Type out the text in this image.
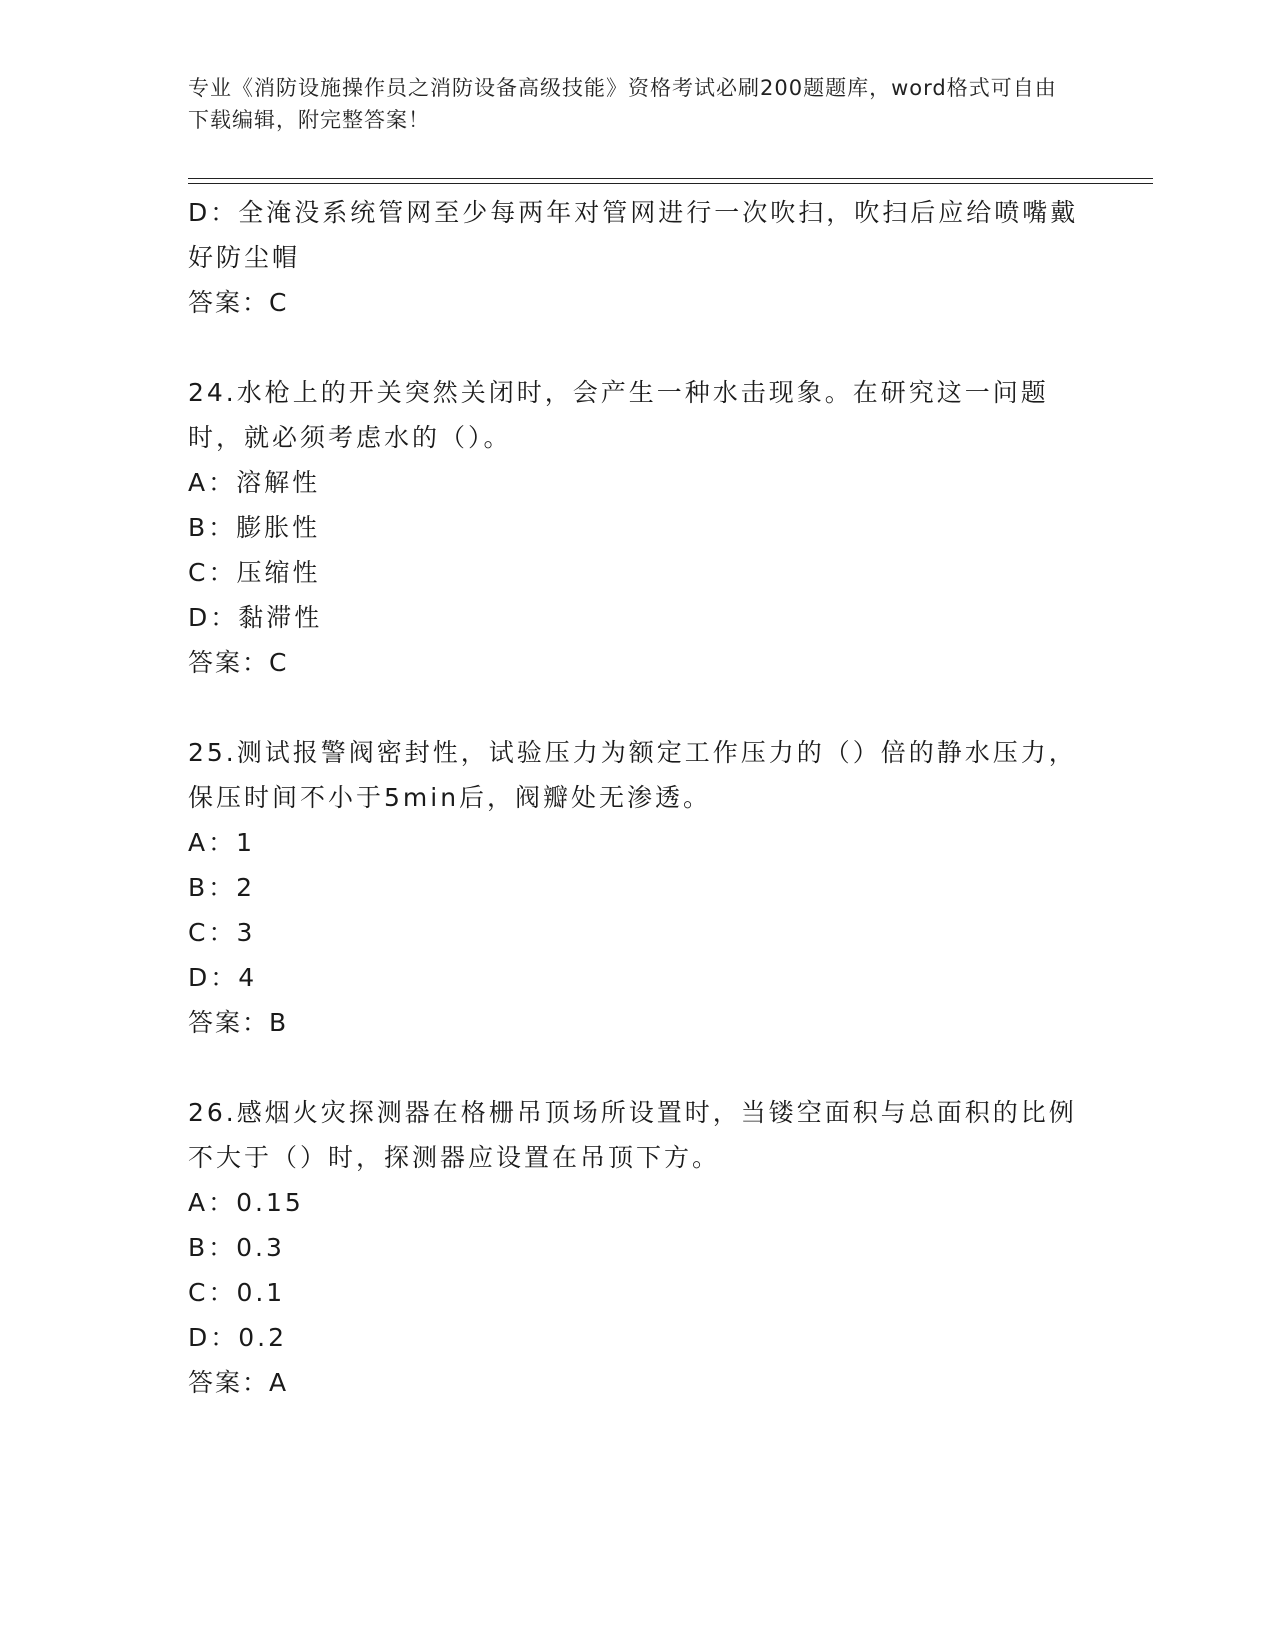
专业《消防设施操作员之消防设备高级技能》资格考试必刷200题题库，word格式可自由下载编辑，附完整答案！

D：全淹没系统管网至少每两年对管网进行一次吹扫，吹扫后应给喷嘴戴好防尘帽

答案：C

24.水枪上的开关突然关闭时，会产生一种水击现象。在研究这一问题时，就必须考虑水的（）。

A：溶解性

B：膨胀性

C：压缩性

D：黏滞性

答案：C

25.测试报警阀密封性，试验压力为额定工作压力的（）倍的静水压力，保压时间不小于5min后，阀瓣处无渗透。

A：1

B：2

C：3

D：4

答案：B

26.感烟火灾探测器在格栅吊顶场所设置时，当镂空面积与总面积的比例不大于（）时，探测器应设置在吊顶下方。

A：0.15

B：0.3

C：0.1

D：0.2

答案：A
